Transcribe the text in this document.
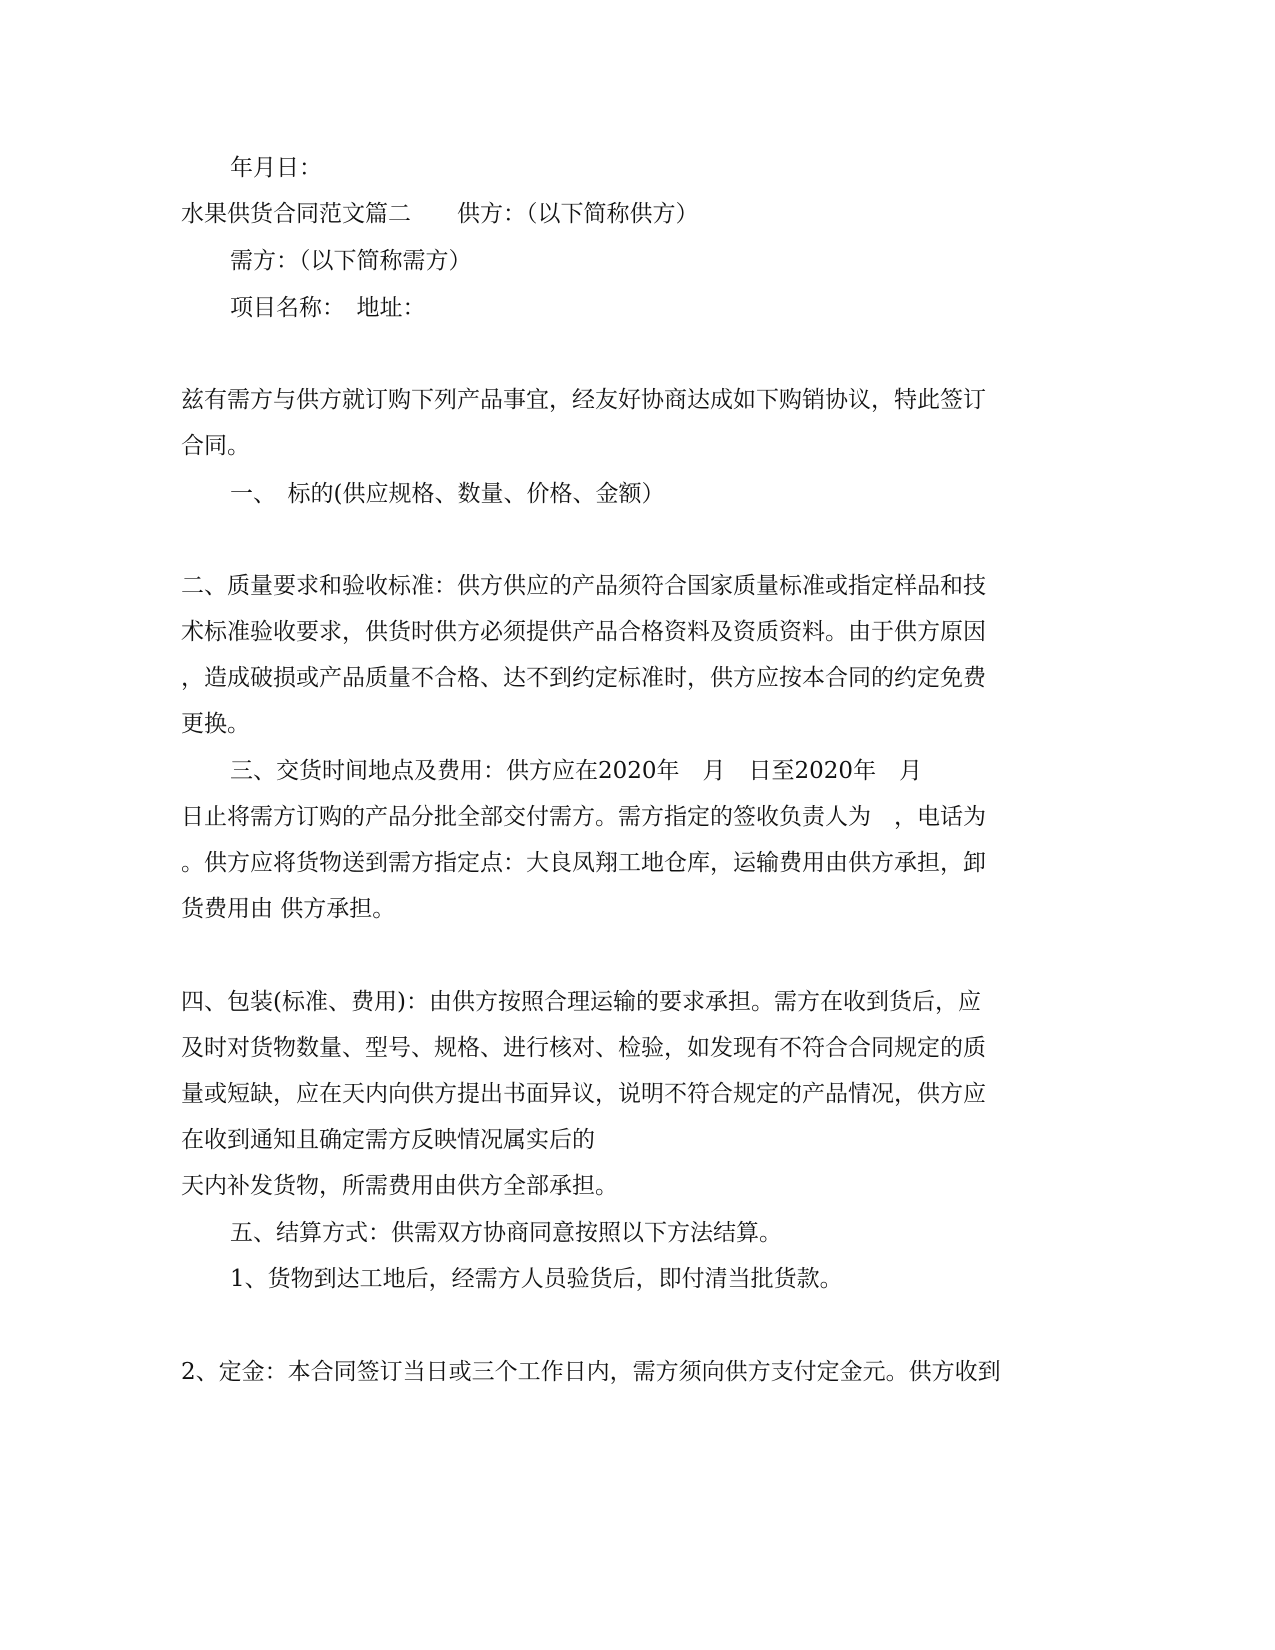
年月日：
水果供货合同范文篇二　　供方：（以下简称供方）
需方：（以下简称需方）
项目名称：　地址：
兹有需方与供方就订购下列产品事宜，经友好协商达成如下购销协议，特此签订
合同。
一、　标的(供应规格、数量、价格、金额）
二、质量要求和验收标准：供方供应的产品须符合国家质量标准或指定样品和技
术标准验收要求，供货时供方必须提供产品合格资料及资质资料。由于供方原因
，造成破损或产品质量不合格、达不到约定标准时，供方应按本合同的约定免费
更换。
三、交货时间地点及费用：供方应在2020年　月　日至2020年　月
日止将需方订购的产品分批全部交付需方。需方指定的签收负责人为　，电话为
。供方应将货物送到需方指定点：大良凤翔工地仓库，运输费用由供方承担，卸
货费用由 供方承担。
四、包装(标准、费用)：由供方按照合理运输的要求承担。需方在收到货后，应
及时对货物数量、型号、规格、进行核对、检验，如发现有不符合合同规定的质
量或短缺，应在天内向供方提出书面异议，说明不符合规定的产品情况，供方应
在收到通知且确定需方反映情况属实后的
天内补发货物，所需费用由供方全部承担。
五、结算方式：供需双方协商同意按照以下方法结算。
1、货物到达工地后，经需方人员验货后，即付清当批货款。
2、定金：本合同签订当日或三个工作日内，需方须向供方支付定金元。供方收到
